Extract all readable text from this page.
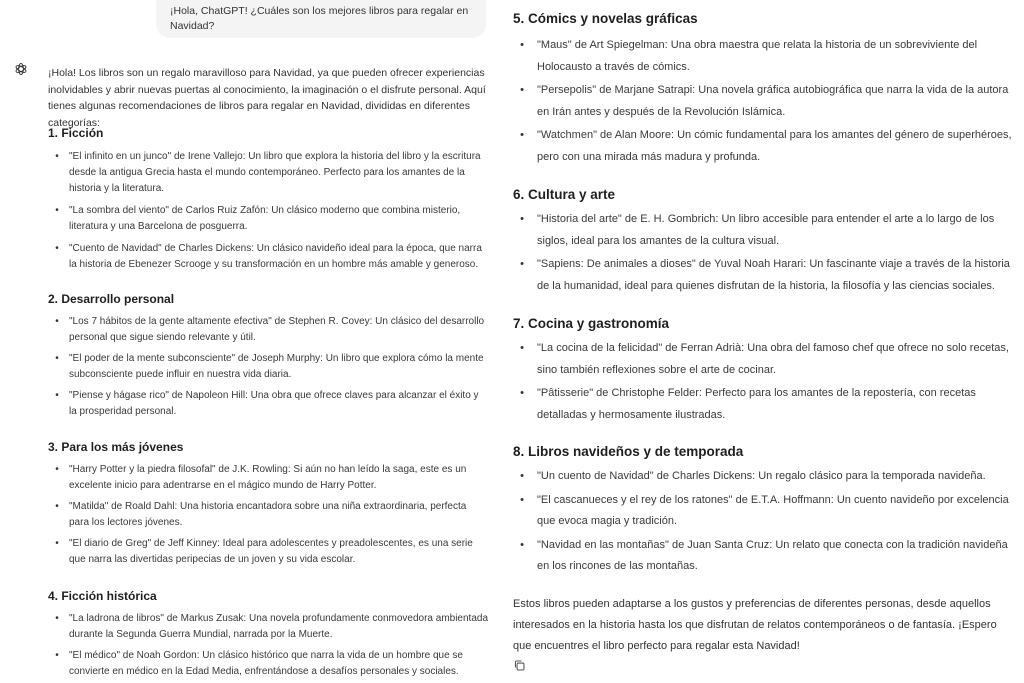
¡Hola, ChatGPT! ¿Cuáles son los mejores libros para regalar en Navidad?

¡Hola! Los libros son un regalo maravilloso para Navidad, ya que pueden ofrecer experiencias inolvidables y abrir nuevas puertas al conocimiento, la imaginación o el disfrute personal. Aquí tienes algunas recomendaciones de libros para regalar en Navidad, divididas en diferentes categorías:

1. Ficción
•	"El infinito en un junco" de Irene Vallejo: Un libro que explora la historia del libro y la escritura desde la antigua Grecia hasta el mundo contemporáneo. Perfecto para los amantes de la historia y la literatura.
•	"La sombra del viento" de Carlos Ruiz Zafón: Un clásico moderno que combina misterio, literatura y una Barcelona de posguerra.
•	"Cuento de Navidad" de Charles Dickens: Un clásico navideño ideal para la época, que narra la historia de Ebenezer Scrooge y su transformación en un hombre más amable y generoso.
2. Desarrollo personal
•	"Los 7 hábitos de la gente altamente efectiva" de Stephen R. Covey: Un clásico del desarrollo personal que sigue siendo relevante y útil.
•	"El poder de la mente subconsciente" de Joseph Murphy: Un libro que explora cómo la mente subconsciente puede influir en nuestra vida diaria.
•	"Piense y hágase rico" de Napoleon Hill: Una obra que ofrece claves para alcanzar el éxito y la prosperidad personal.
3. Para los más jóvenes
•	"Harry Potter y la piedra filosofal" de J.K. Rowling: Si aún no han leído la saga, este es un excelente inicio para adentrarse en el mágico mundo de Harry Potter.
•	"Matilda" de Roald Dahl: Una historia encantadora sobre una niña extraordinaria, perfecta para los lectores jóvenes.
•	"El diario de Greg" de Jeff Kinney: Ideal para adolescentes y preadolescentes, es una serie que narra las divertidas peripecias de un joven y su vida escolar.
4. Ficción histórica
•	"La ladrona de libros" de Markus Zusak: Una novela profundamente conmovedora ambientada durante la Segunda Guerra Mundial, narrada por la Muerte.
•	"El médico" de Noah Gordon: Un clásico histórico que narra la vida de un hombre que se convierte en médico en la Edad Media, enfrentándose a desafíos personales y sociales.
5. Cómics y novelas gráficas
•	"Maus" de Art Spiegelman: Una obra maestra que relata la historia de un sobreviviente del Holocausto a través de cómics.
•	"Persepolis" de Marjane Satrapi: Una novela gráfica autobiográfica que narra la vida de la autora en Irán antes y después de la Revolución Islámica.
•	"Watchmen" de Alan Moore: Un cómic fundamental para los amantes del género de superhéroes, pero con una mirada más madura y profunda.
6. Cultura y arte
•	"Historia del arte" de E. H. Gombrich: Un libro accesible para entender el arte a lo largo de los siglos, ideal para los amantes de la cultura visual.
•	"Sapiens: De animales a dioses" de Yuval Noah Harari: Un fascinante viaje a través de la historia de la humanidad, ideal para quienes disfrutan de la historia, la filosofía y las ciencias sociales.
7. Cocina y gastronomía
•	"La cocina de la felicidad" de Ferran Adrià: Una obra del famoso chef que ofrece no solo recetas, sino también reflexiones sobre el arte de cocinar.
•	"Pâtisserie" de Christophe Felder: Perfecto para los amantes de la repostería, con recetas detalladas y hermosamente ilustradas.
8. Libros navideños y de temporada
•	"Un cuento de Navidad" de Charles Dickens: Un regalo clásico para la temporada navideña.
•	"El cascanueces y el rey de los ratones" de E.T.A. Hoffmann: Un cuento navideño por excelencia que evoca magia y tradición.
•	"Navidad en las montañas" de Juan Santa Cruz: Un relato que conecta con la tradición navideña en los rincones de las montañas.

Estos libros pueden adaptarse a los gustos y preferencias de diferentes personas, desde aquellos interesados en la historia hasta los que disfrutan de relatos contemporáneos o de fantasía. ¡Espero que encuentres el libro perfecto para regalar esta Navidad!
